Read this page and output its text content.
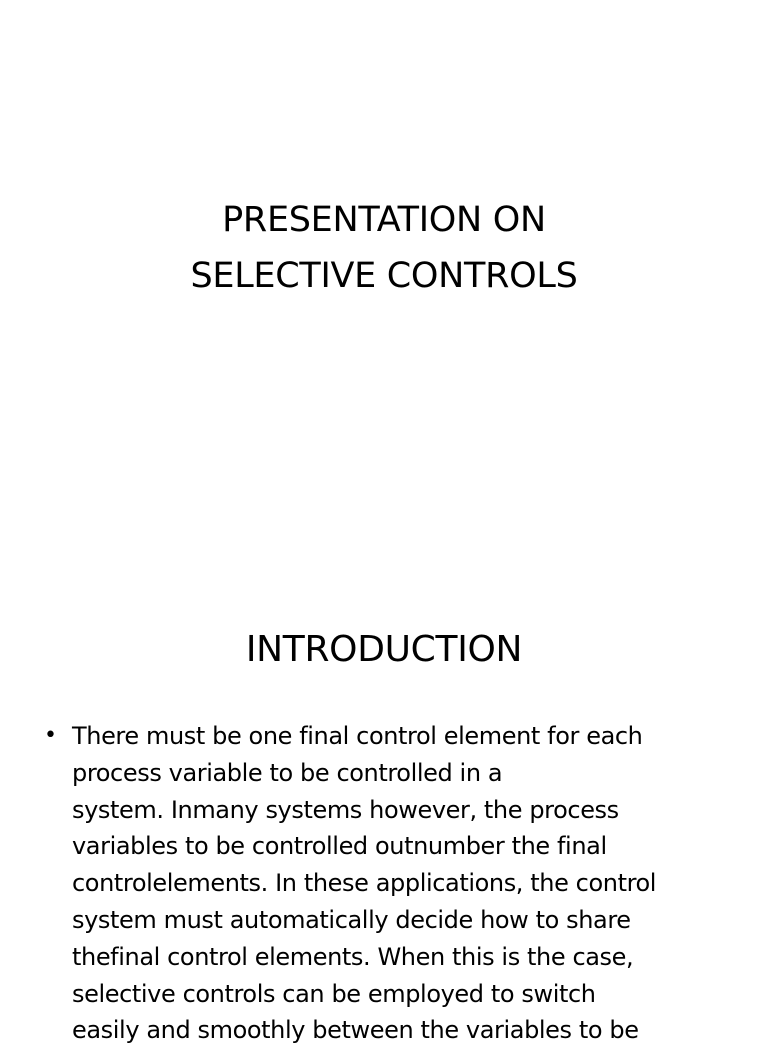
PRESENTATION ON
SELECTIVE CONTROLS
INTRODUCTION
• There must be one final control element for each
process variable to be controlled in a
system. Inmany systems however, the process
variables to be controlled outnumber the final
controlelements. In these applications, the control
system must automatically decide how to share
thefinal control elements. When this is the case,
selective controls can be employed to switch
easily and smoothly between the variables to be
